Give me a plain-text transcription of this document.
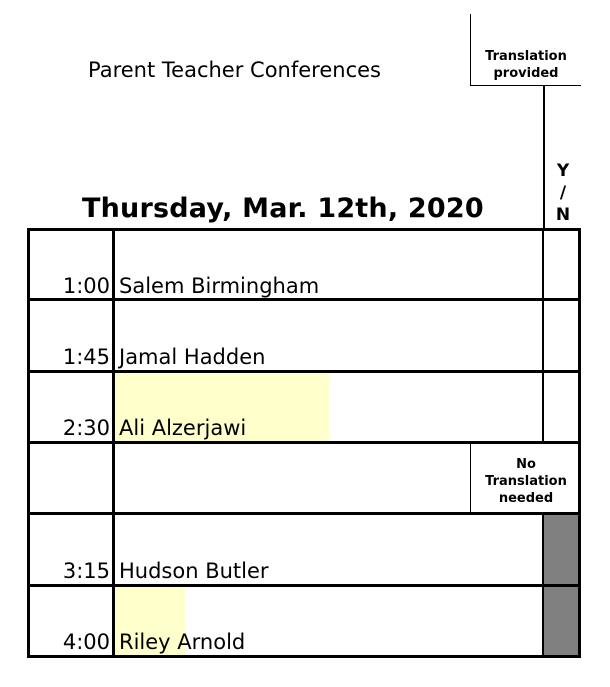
Parent Teacher Conferences
Thursday, Mar. 12th, 2020
Translation
provided
Y
/
N
No
Translation
needed
1:00 Salem Birmingham
1:45 Jamal Hadden
2:30 Ali Alzerjawi
3:15 Hudson Butler
4:00 Riley Arnold
